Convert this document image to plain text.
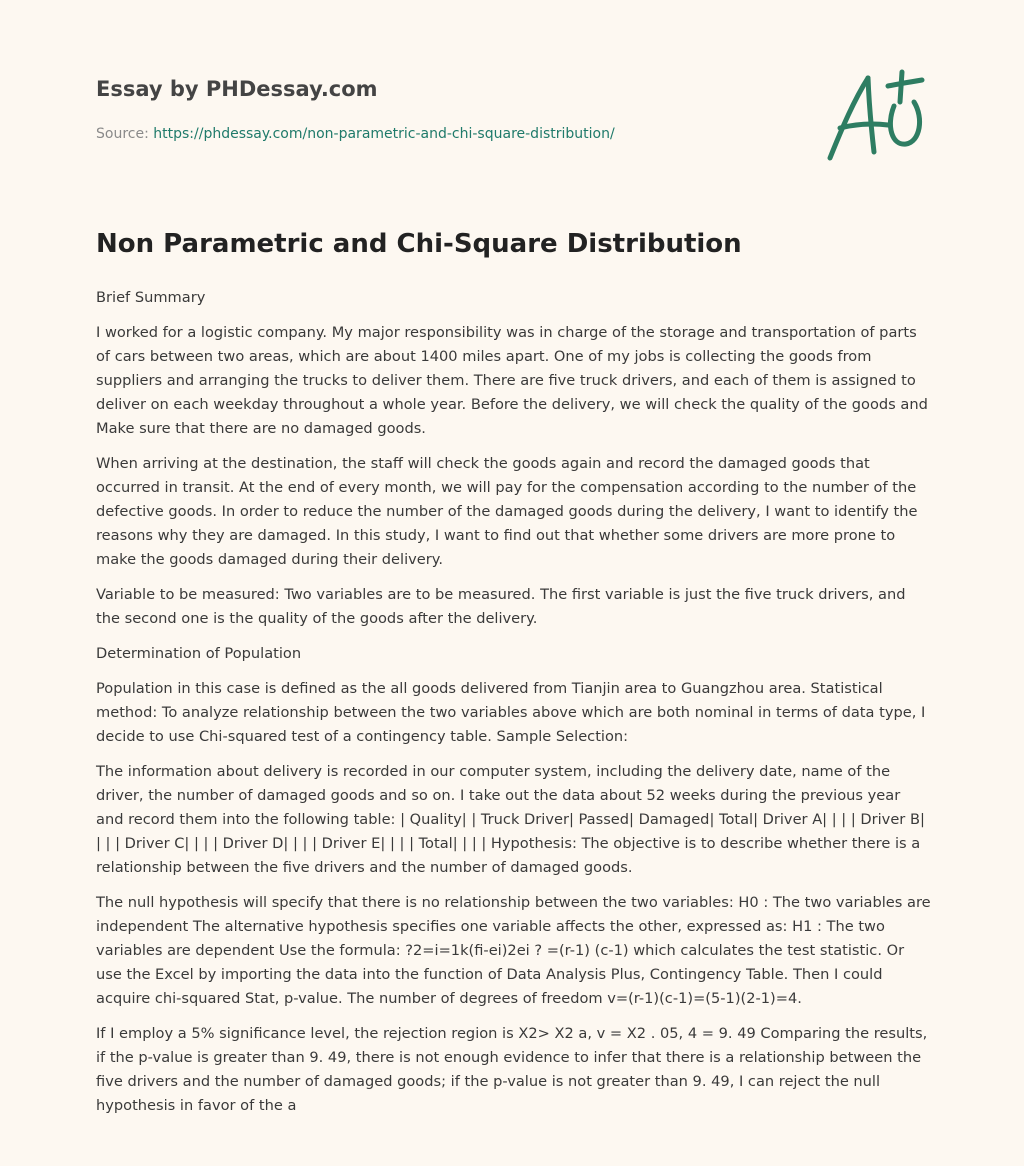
Essay by PHDessay.com
Source: https://phdessay.com/non-parametric-and-chi-square-distribution/
Non Parametric and Chi-Square Distribution

Brief Summary

I worked for a logistic company. My major responsibility was in charge of the storage and transportation of parts of cars between two areas, which are about 1400 miles apart. One of my jobs is collecting the goods from suppliers and arranging the trucks to deliver them. There are five truck drivers, and each of them is assigned to deliver on each weekday throughout a whole year. Before the delivery, we will check the quality of the goods and Make sure that there are no damaged goods.

When arriving at the destination, the staff will check the goods again and record the damaged goods that occurred in transit. At the end of every month, we will pay for the compensation according to the number of the defective goods. In order to reduce the number of the damaged goods during the delivery, I want to identify the reasons why they are damaged. In this study, I want to find out that whether some drivers are more prone to make the goods damaged during their delivery.

Variable to be measured: Two variables are to be measured. The first variable is just the five truck drivers, and the second one is the quality of the goods after the delivery.

Determination of Population

Population in this case is defined as the all goods delivered from Tianjin area to Guangzhou area. Statistical method: To analyze relationship between the two variables above which are both nominal in terms of data type, I decide to use Chi-squared test of a contingency table. Sample Selection:

The information about delivery is recorded in our computer system, including the delivery date, name of the driver, the number of damaged goods and so on. I take out the data about 52 weeks during the previous year and record them into the following table: | Quality| | Truck Driver| Passed| Damaged| Total| Driver A| | | | Driver B| | | | Driver C| | | | Driver D| | | | Driver E| | | | Total| | | | Hypothesis: The objective is to describe whether there is a relationship between the five drivers and the number of damaged goods.

The null hypothesis will specify that there is no relationship between the two variables: H0 : The two variables are independent The alternative hypothesis specifies one variable affects the other, expressed as: H1 : The two variables are dependent Use the formula: ?2=i=1k(fi-ei)2ei ? =(r-1) (c-1) which calculates the test statistic. Or use the Excel by importing the data into the function of Data Analysis Plus, Contingency Table. Then I could acquire chi-squared Stat, p-value. The number of degrees of freedom v=(r-1)(c-1)=(5-1)(2-1)=4.

If I employ a 5% significance level, the rejection region is X2> X2 a, v = X2 . 05, 4 = 9. 49 Comparing the results, if the p-value is greater than 9. 49, there is not enough evidence to infer that there is a relationship between the five drivers and the number of damaged goods; if the p-value is not greater than 9. 49, I can reject the null hypothesis in favor of the a
